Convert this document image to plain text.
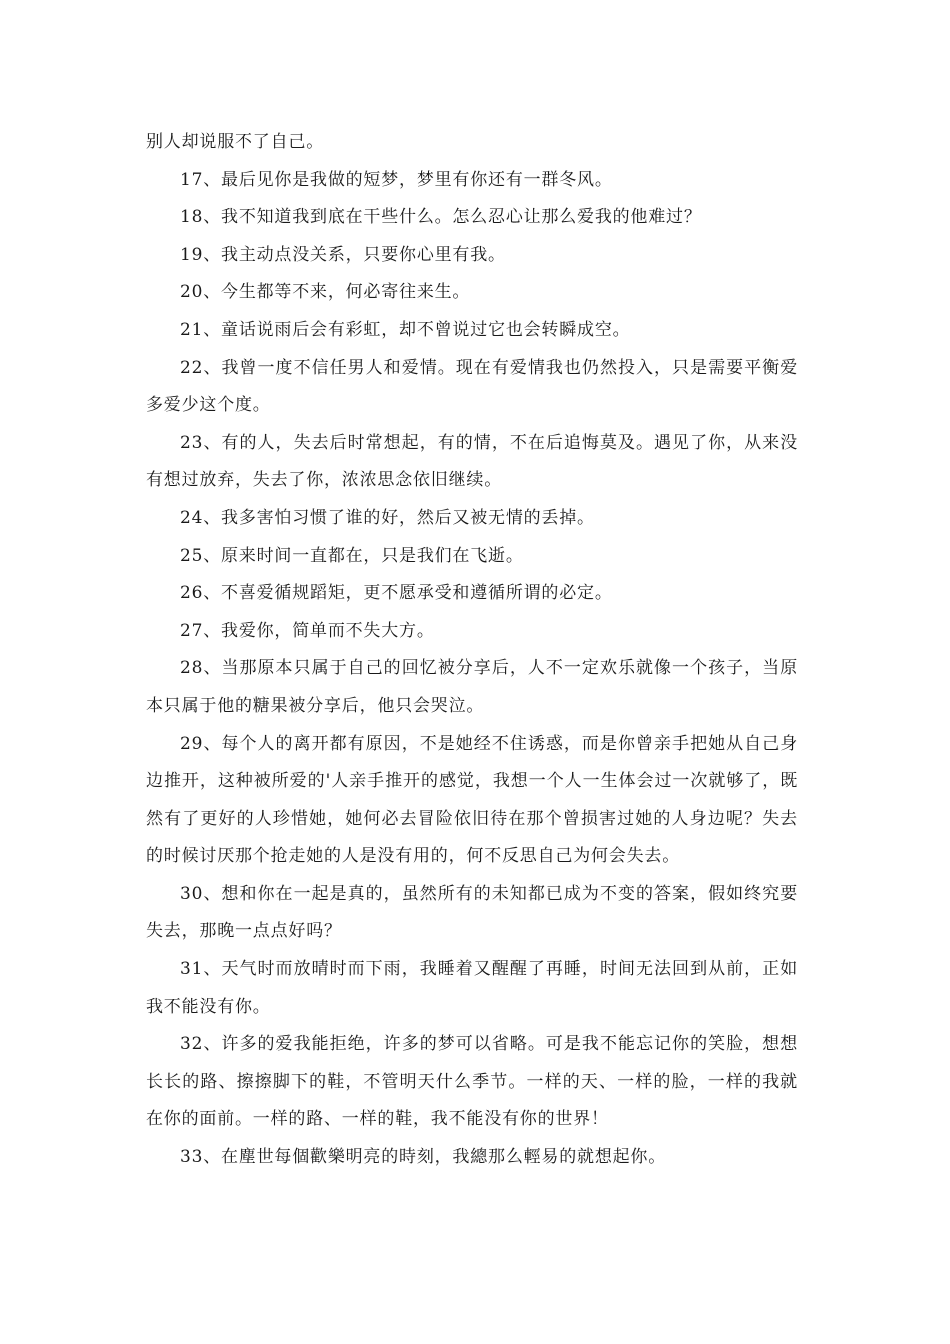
别人却说服不了自己。

17、最后见你是我做的短梦，梦里有你还有一群冬风。

18、我不知道我到底在干些什么。怎么忍心让那么爱我的他难过？

19、我主动点没关系，只要你心里有我。

20、今生都等不来，何必寄往来生。

21、童话说雨后会有彩虹，却不曾说过它也会转瞬成空。

22、我曾一度不信任男人和爱情。现在有爱情我也仍然投入，只是需要平衡爱多爱少这个度。

23、有的人，失去后时常想起，有的情，不在后追悔莫及。遇见了你，从来没有想过放弃，失去了你，浓浓思念依旧继续。

24、我多害怕习惯了谁的好，然后又被无情的丢掉。

25、原来时间一直都在，只是我们在飞逝。

26、不喜爱循规蹈矩，更不愿承受和遵循所谓的必定。

27、我爱你，简单而不失大方。

28、当那原本只属于自己的回忆被分享后，人不一定欢乐就像一个孩子，当原本只属于他的糖果被分享后，他只会哭泣。

29、每个人的离开都有原因，不是她经不住诱惑，而是你曾亲手把她从自己身边推开，这种被所爱的'人亲手推开的感觉，我想一个人一生体会过一次就够了，既然有了更好的人珍惜她，她何必去冒险依旧待在那个曾损害过她的人身边呢？失去的时候讨厌那个抢走她的人是没有用的，何不反思自己为何会失去。

30、想和你在一起是真的，虽然所有的未知都已成为不变的答案，假如终究要失去，那晚一点点好吗？

31、天气时而放晴时而下雨，我睡着又醒醒了再睡，时间无法回到从前，正如我不能没有你。

32、许多的爱我能拒绝，许多的梦可以省略。可是我不能忘记你的笑脸，想想长长的路、擦擦脚下的鞋，不管明天什么季节。一样的天、一样的脸，一样的我就在你的面前。一样的路、一样的鞋，我不能没有你的世界！

33、在塵世每個歡樂明亮的時刻，我總那么輕易的就想起你。
